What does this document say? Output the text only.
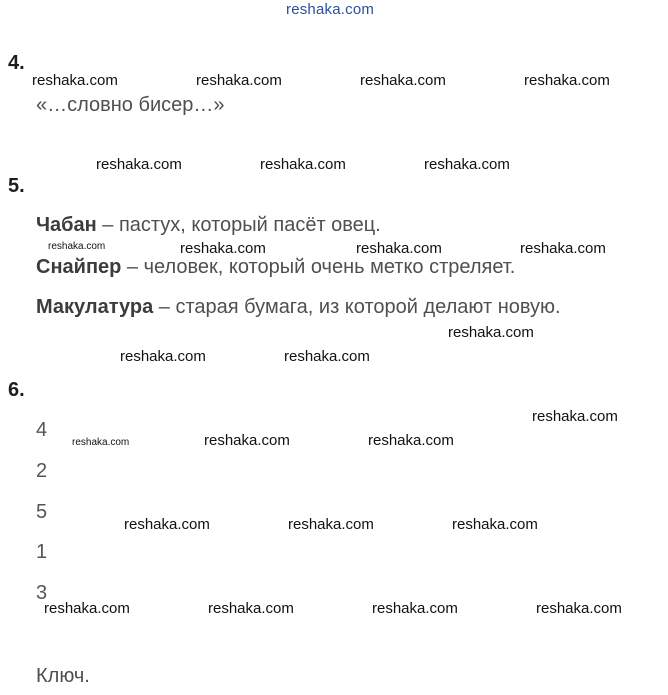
reshaka.com
4.
«…словно бисер…»
5.
Чабан – пастух, который пасёт овец.
Снайпер – человек, который очень метко стреляет.
Макулатура – старая бумага, из которой делают новую.
6.
4
2
5
1
3
Ключ.
reshaka.com	reshaka.com	reshaka.com	reshaka.com
reshaka.com	reshaka.com	reshaka.com
reshaka.com	reshaka.com	reshaka.com	reshaka.com
reshaka.com
reshaka.com	reshaka.com
reshaka.com
reshaka.com	reshaka.com	reshaka.com
reshaka.com	reshaka.com	reshaka.com
reshaka.com	reshaka.com	reshaka.com	reshaka.com
